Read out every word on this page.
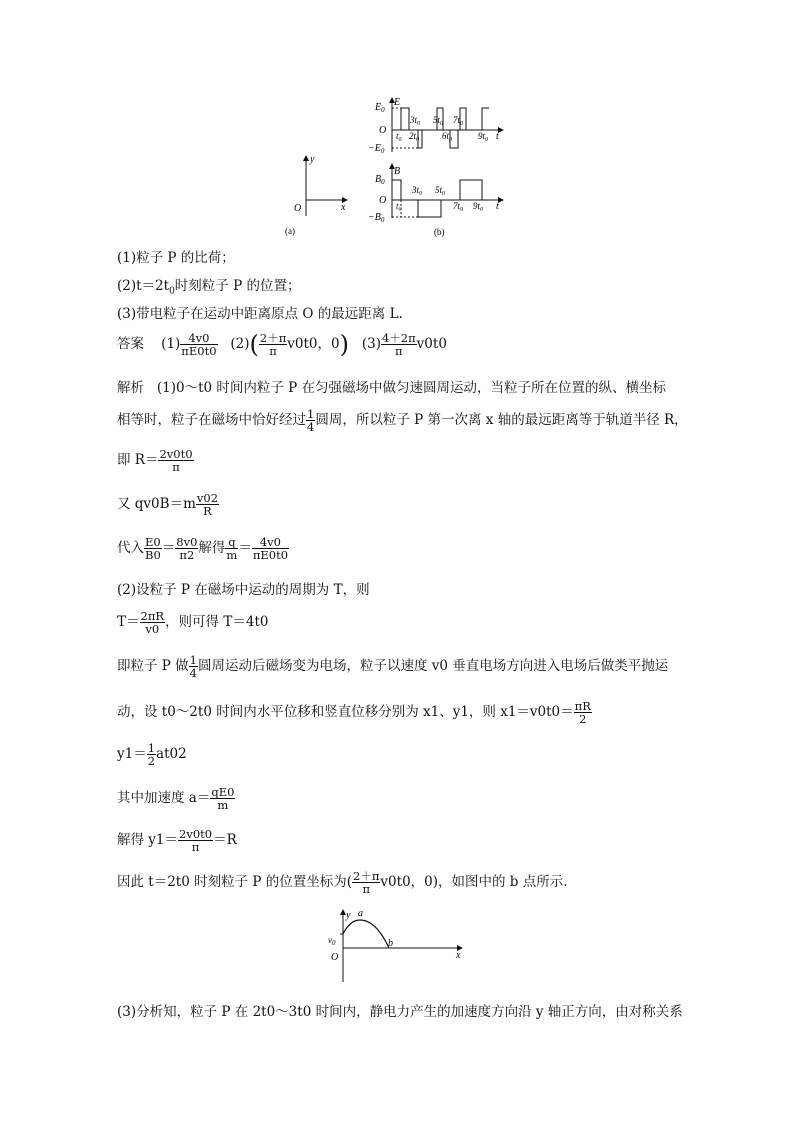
y
x
O
(a)
E
$E_0$
O
$-E_0$
t
$3t_0$ $5t_0$ $7t_0$
$t_0$ $2t_0$	$6t_0$	$9t_0$
B
$B_0$
O
$-B_0$
t
$3t_0$ $5t_0$
$t_0$	$7t_0$ $9t_0$
(b)
(1)粒子 P 的比荷；
$(2)t=2t_0$时刻粒子 P 的位置；
(3)带电粒子在运动中距离原点 O 的最远距离 L.
答案 $(1) \frac{4v0}{\pi E0t0} (2)( \frac{2+\pi}{\pi} v0t0$，0) $(3) \frac{4+2\pi}{\pi} v0t0$
解析 (1)0～t0 时间内粒子 P 在匀强磁场中做匀速圆周运动，当粒子所在位置的纵、横坐标
相等时，粒子在磁场中恰好经过 $\frac{1}{4}$ 圆周，所以粒子 P 第一次离 x 轴的最远距离等于轨道半径 R，
即 $R= \frac{2v0t0}{\pi}$
又 $qv0B=m \frac{v02}{R}$
代入 $\frac{E0}{B0} = \frac{8v0}{\pi 2}$ 解得 $\frac{q}{m} = \frac{4v0}{\pi E0t0}$
(2)设粒子 P 在磁场中运动的周期为 T，则
$T= \frac{2\pi R}{v0}$ ，则可得 T＝4t0
即粒子 P 做 $\frac{1}{4}$ 圆周运动后磁场变为电场，粒子以速度 v0 垂直电场方向进入电场后做类平抛运
动，设 t0～2t0 时间内水平位移和竖直位移分别为 x1、y1，则 $x1=v0t0= \frac{\pi R}{2}$
$y1= \frac{1}{2} at02$
其中加速度 $a= \frac{qE0}{m}$
解得 $y1= \frac{2v0t0}{\pi} =R$
因此 t＝2t0 时刻粒子 P 的位置坐标为( $\frac{2+\pi}{\pi} v0t0$，0)，如图中的 b 点所示.
y
x
O
$v_0$
a
b
(3)分析知，粒子 P 在 2t0～3t0 时间内，静电力产生的加速度方向沿 y 轴正方向，由对称关系
